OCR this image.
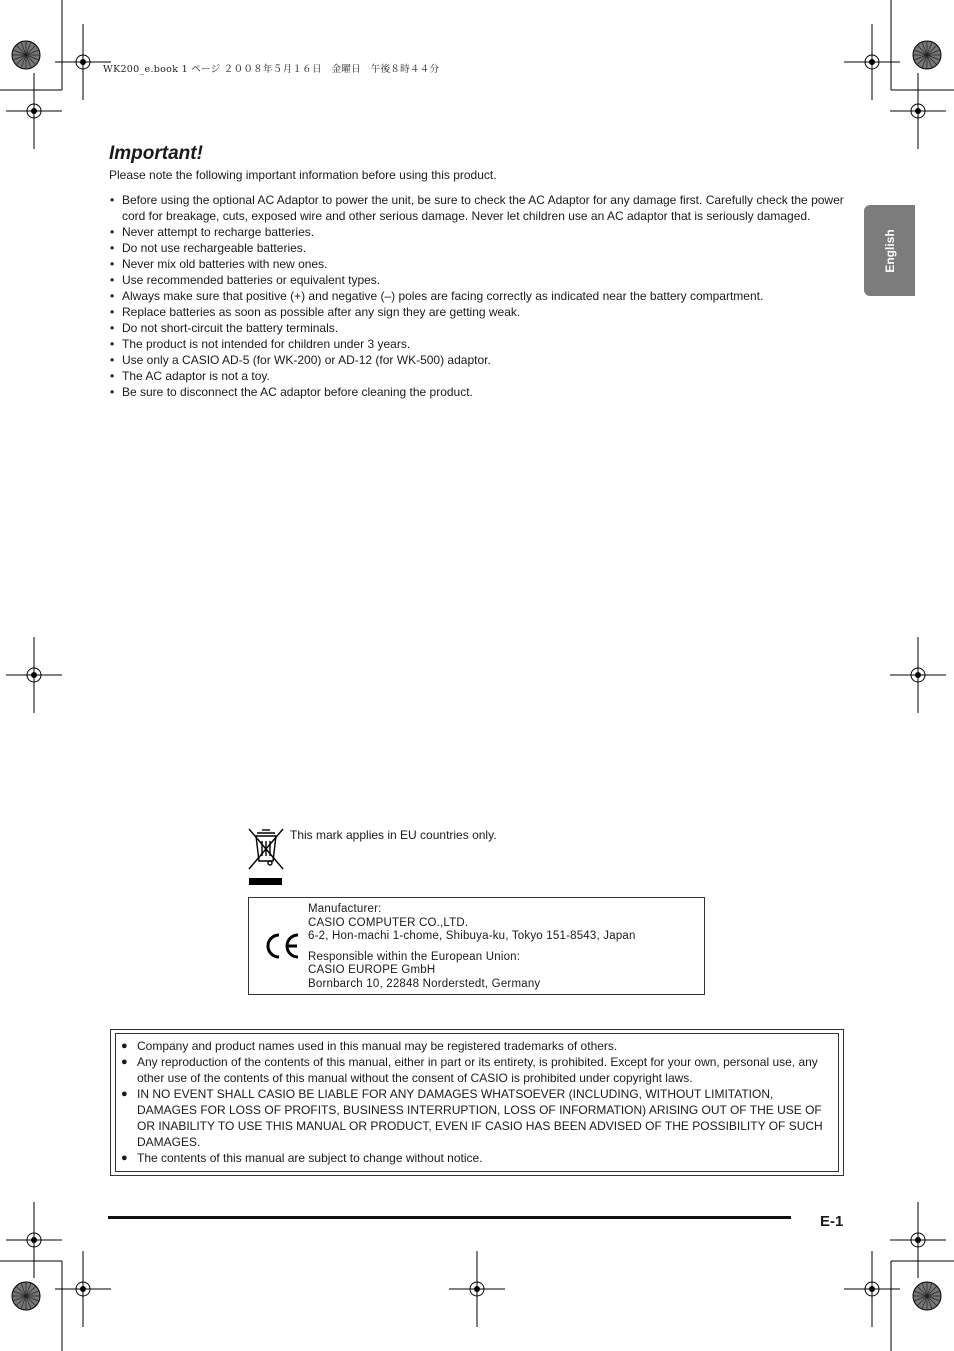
WK200_e.book 1 ページ ２００８年５月１６日　金曜日　午後８時４４分
Important!
Please note the following important information before using this product.
• Before using the optional AC Adaptor to power the unit, be sure to check the AC Adaptor for any damage first. Carefully check the power cord for breakage, cuts, exposed wire and other serious damage. Never let children use an AC adaptor that is seriously damaged.
• Never attempt to recharge batteries.
• Do not use rechargeable batteries.
• Never mix old batteries with new ones.
• Use recommended batteries or equivalent types.
• Always make sure that positive (+) and negative (–) poles are facing correctly as indicated near the battery compartment.
• Replace batteries as soon as possible after any sign they are getting weak.
• Do not short-circuit the battery terminals.
• The product is not intended for children under 3 years.
• Use only a CASIO AD-5 (for WK-200) or AD-12 (for WK-500) adaptor.
• The AC adaptor is not a toy.
• Be sure to disconnect the AC adaptor before cleaning the product.
English
This mark applies in EU countries only.
Manufacturer:
CASIO COMPUTER CO.,LTD.
6-2, Hon-machi 1-chome, Shibuya-ku, Tokyo 151-8543, Japan
Responsible within the European Union:
CASIO EUROPE GmbH
Bornbarch 10, 22848 Norderstedt, Germany
● Company and product names used in this manual may be registered trademarks of others.
● Any reproduction of the contents of this manual, either in part or its entirety, is prohibited. Except for your own, personal use, any other use of the contents of this manual without the consent of CASIO is prohibited under copyright laws.
● IN NO EVENT SHALL CASIO BE LIABLE FOR ANY DAMAGES WHATSOEVER (INCLUDING, WITHOUT LIMITATION, DAMAGES FOR LOSS OF PROFITS, BUSINESS INTERRUPTION, LOSS OF INFORMATION) ARISING OUT OF THE USE OF OR INABILITY TO USE THIS MANUAL OR PRODUCT, EVEN IF CASIO HAS BEEN ADVISED OF THE POSSIBILITY OF SUCH DAMAGES.
● The contents of this manual are subject to change without notice.
E-1
